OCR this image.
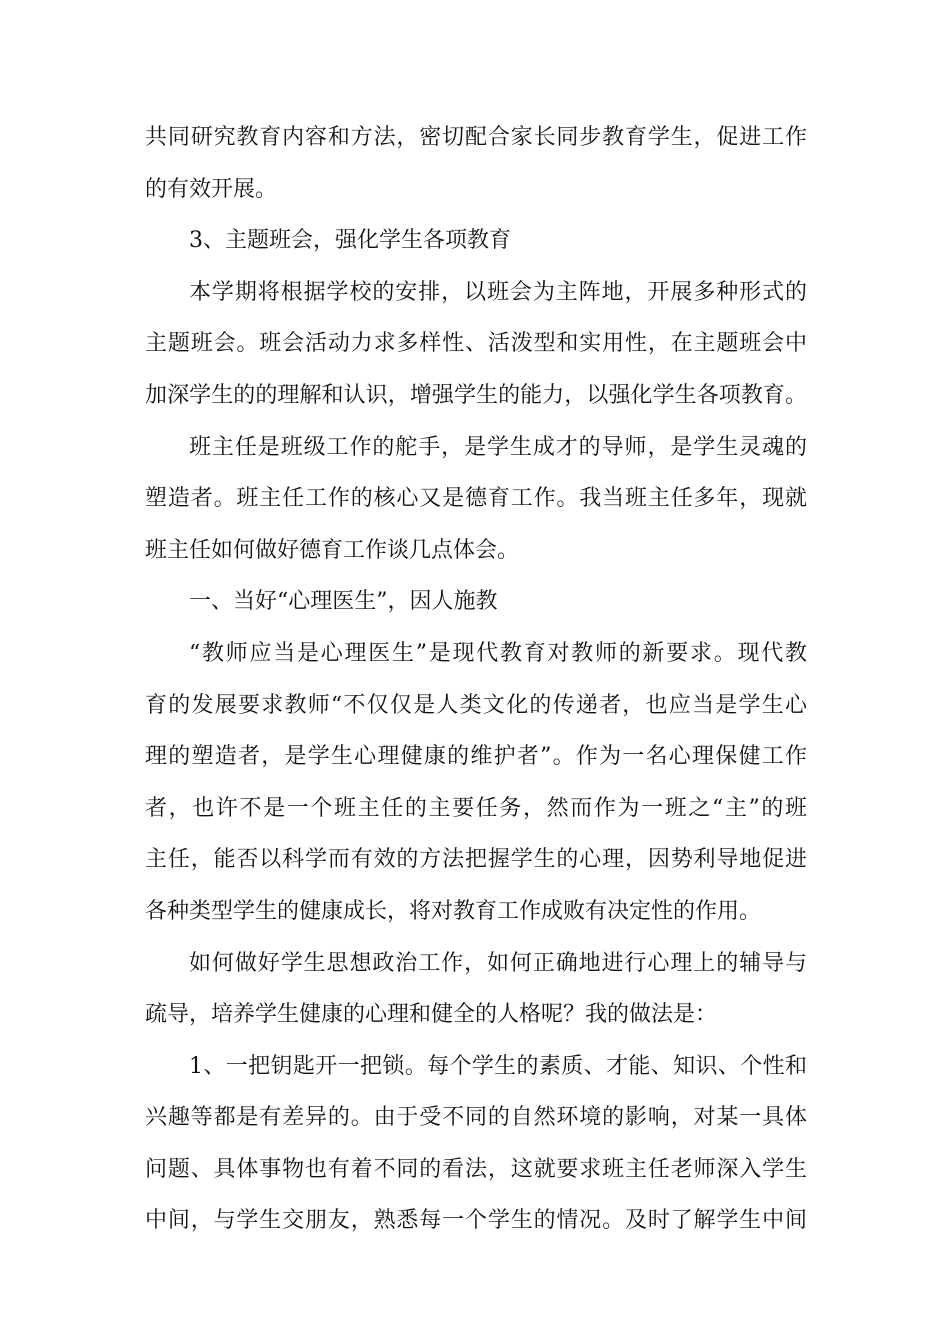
共同研究教育内容和方法，密切配合家长同步教育学生，促进工作
的有效开展。
3、主题班会，强化学生各项教育
本学期将根据学校的安排，以班会为主阵地，开展多种形式的
主题班会。班会活动力求多样性、活泼型和实用性，在主题班会中
加深学生的的理解和认识，增强学生的能力，以强化学生各项教育。
班主任是班级工作的舵手，是学生成才的导师，是学生灵魂的
塑造者。班主任工作的核心又是德育工作。我当班主任多年，现就
班主任如何做好德育工作谈几点体会。
一、当好“心理医生”，因人施教
“教师应当是心理医生”是现代教育对教师的新要求。现代教
育的发展要求教师“不仅仅是人类文化的传递者，也应当是学生心
理的塑造者，是学生心理健康的维护者”。作为一名心理保健工作
者，也许不是一个班主任的主要任务，然而作为一班之“主”的班
主任，能否以科学而有效的方法把握学生的心理，因势利导地促进
各种类型学生的健康成长，将对教育工作成败有决定性的作用。
如何做好学生思想政治工作，如何正确地进行心理上的辅导与
疏导，培养学生健康的心理和健全的人格呢？我的做法是：
1、一把钥匙开一把锁。每个学生的素质、才能、知识、个性和
兴趣等都是有差异的。由于受不同的自然环境的影响，对某一具体
问题、具体事物也有着不同的看法，这就要求班主任老师深入学生
中间，与学生交朋友，熟悉每一个学生的情况。及时了解学生中间
